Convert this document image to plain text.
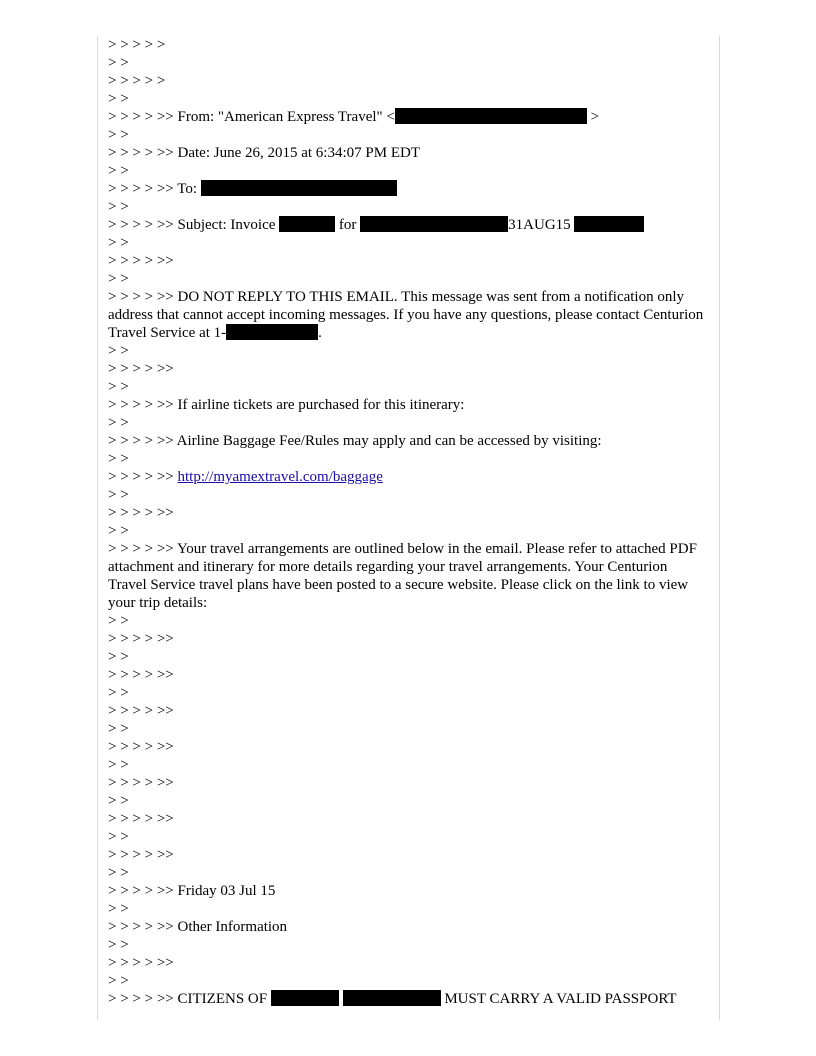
> > > > >
> >
> > > > >
> >
> > > > >> From: "American Express Travel" <	>
> >
> > > > >> Date: June 26, 2015 at 6:34:07 PM EDT
> >
> > > > >> To:
> >
> > > > >> Subject: Invoice	for	31AUG15
> >
> > > > >>
> >
> > > > >> DO NOT REPLY TO THIS EMAIL. This message was sent from a notification only address that cannot accept incoming messages. If you have any questions, please contact Centurion Travel Service at 1-	.
> >
> > > > >>
> >
> > > > >> If airline tickets are purchased for this itinerary:
> >
> > > > >> Airline Baggage Fee/Rules may apply and can be accessed by visiting:
> >
> > > > >> http://myamextravel.com/baggage
> >
> > > > >>
> >
> > > > >> Your travel arrangements are outlined below in the email. Please refer to attached PDF attachment and itinerary for more details regarding your travel arrangements. Your Centurion Travel Service travel plans have been posted to a secure website. Please click on the link to view your trip details:
> >
> > > > >>
> >
> > > > >>
> >
> > > > >>
> >
> > > > >>
> >
> > > > >>
> >
> > > > >>
> >
> > > > >>
> >
> > > > >> Friday 03 Jul 15
> >
> > > > >> Other Information
> >
> > > > >>
> >
> > > > >> CITIZENS OF	MUST CARRY A VALID PASSPORT
